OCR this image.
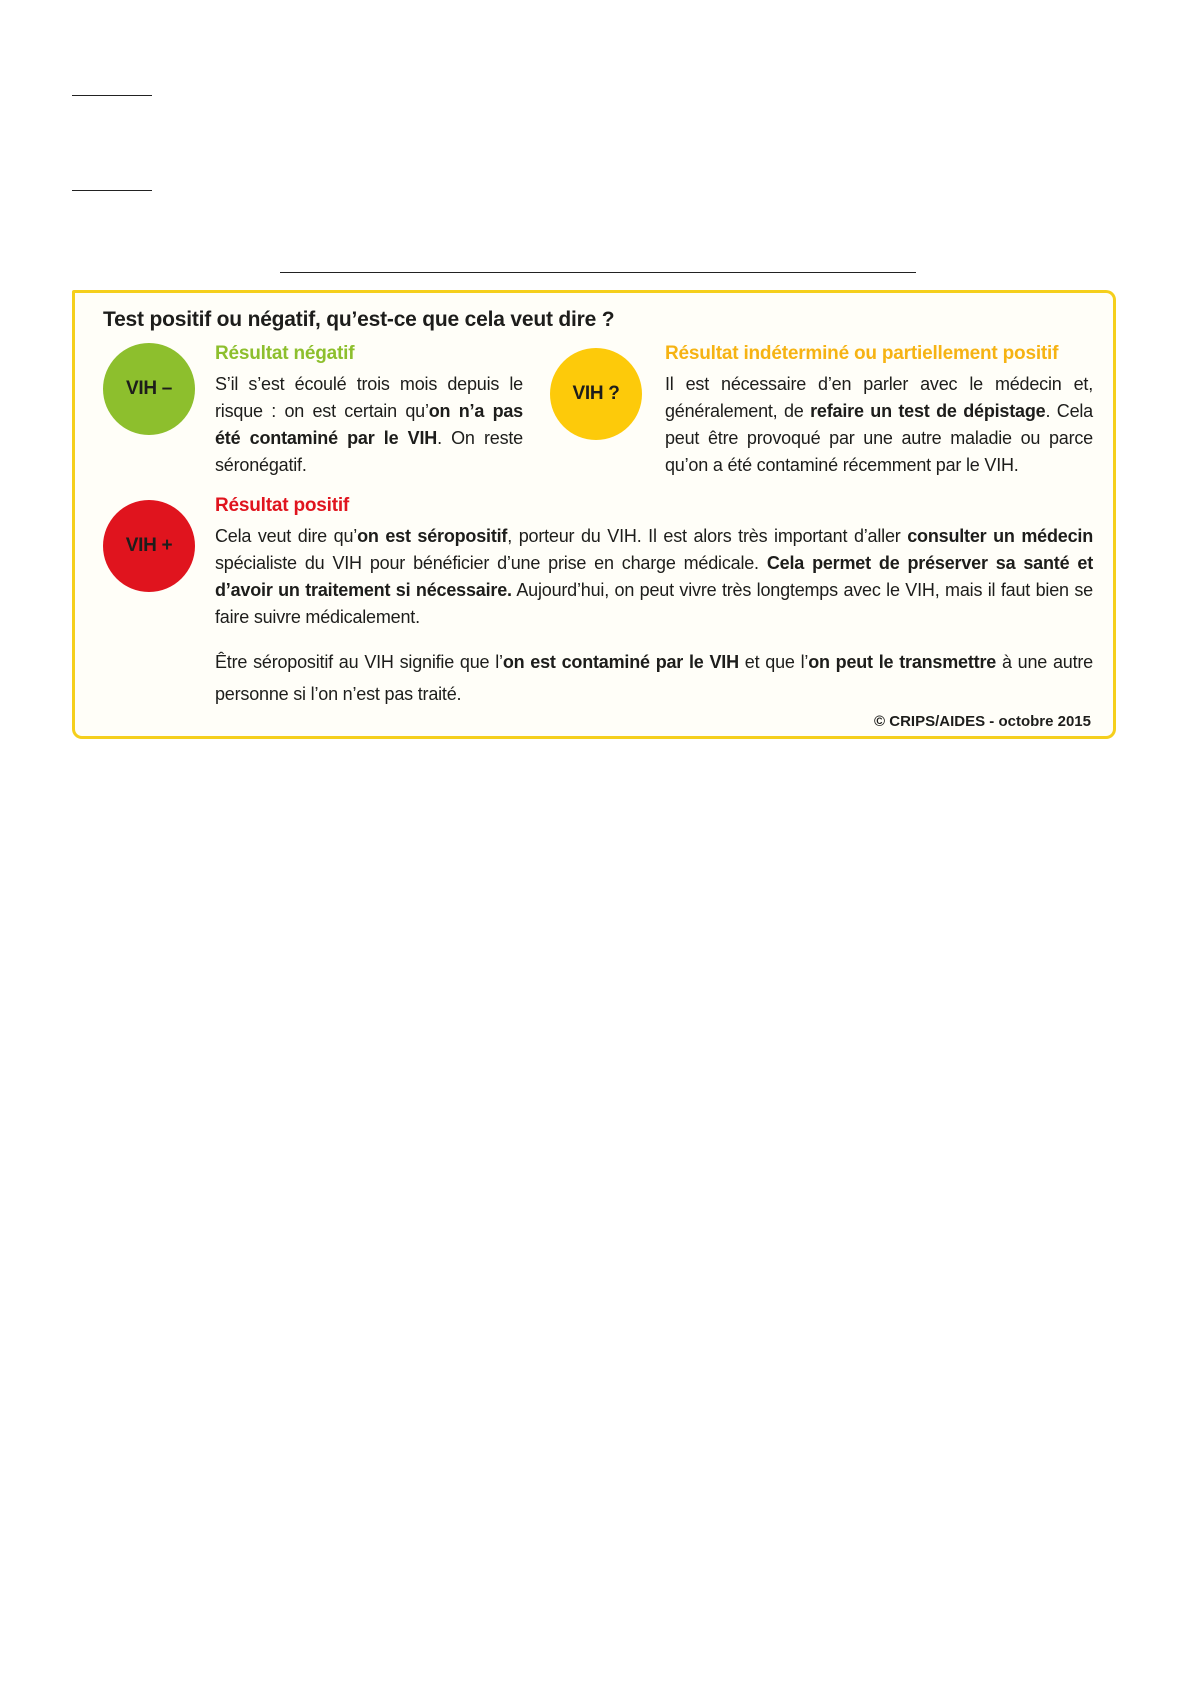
Test positif ou négatif, qu’est-ce que cela veut dire ?
VIH –
Résultat négatif
S’il s’est écoulé trois mois depuis le risque : on est certain qu’on n’a pas été contaminé par le VIH. On reste séronégatif.
VIH ?
Résultat indéterminé ou partiellement positif
Il est nécessaire d’en parler avec le médecin et, généralement, de refaire un test de dépistage. Cela peut être provoqué par une autre maladie ou parce qu’on a été contaminé récemment par le VIH.
VIH +
Résultat positif
Cela veut dire qu’on est séropositif, porteur du VIH. Il est alors très important d’aller consulter un médecin spécialiste du VIH pour bénéficier d’une prise en charge médicale. Cela permet de préserver sa santé et d’avoir un traitement si nécessaire. Aujourd’hui, on peut vivre très longtemps avec le VIH, mais il faut bien se faire suivre médicalement.
Être séropositif au VIH signifie que l’on est contaminé par le VIH et que l’on peut le transmettre à une autre personne si l’on n’est pas traité.
© CRIPS/AIDES - octobre 2015
